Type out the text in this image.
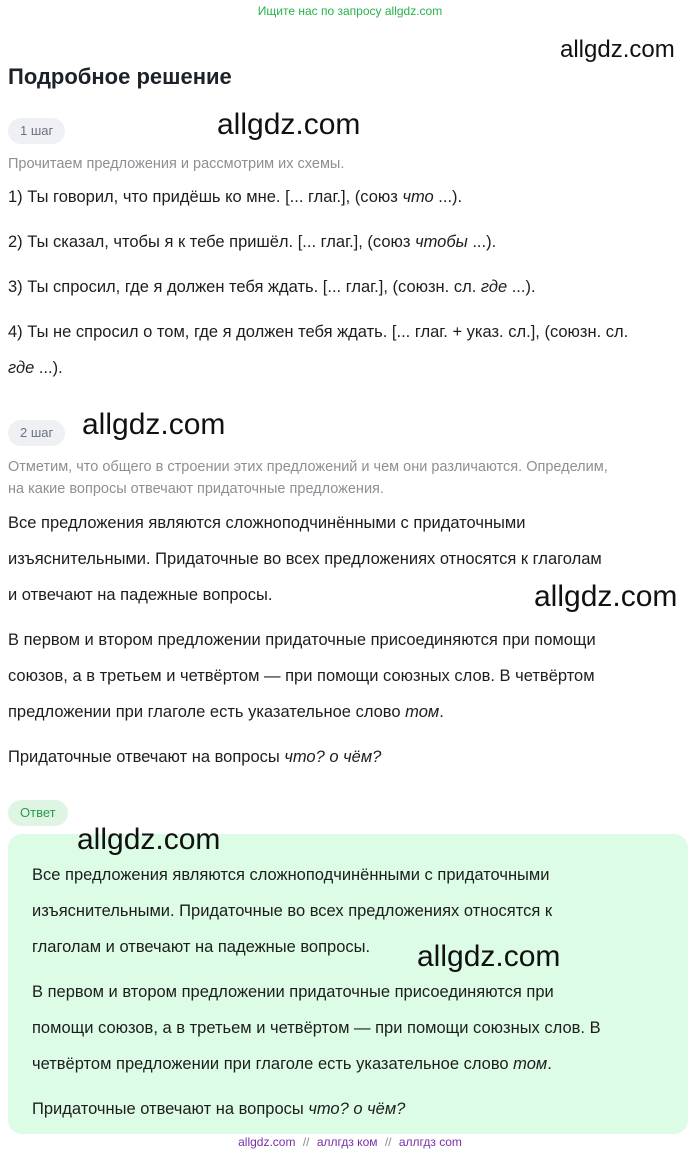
Ищите нас по запросу allgdz.com
Подробное решение
1 шаг
Прочитаем предложения и рассмотрим их схемы.
1) Ты говорил, что придёшь ко мне. [... глаг.], (союз что ...).
2) Ты сказал, чтобы я к тебе пришёл. [... глаг.], (союз чтобы ...).
3) Ты спросил, где я должен тебя ждать. [... глаг.], (союзн. сл. где ...).
4) Ты не спросил о том, где я должен тебя ждать. [... глаг. + указ. сл.], (союзн. сл.
где ...).
2 шаг
Отметим, что общего в строении этих предложений и чем они различаются. Определим,
на какие вопросы отвечают придаточные предложения.
Все предложения являются сложноподчинёнными с придаточными
изъяснительными. Придаточные во всех предложениях относятся к глаголам
и отвечают на падежные вопросы.
В первом и втором предложении придаточные присоединяются при помощи
союзов, а в третьем и четвёртом — при помощи союзных слов. В четвёртом
предложении при глаголе есть указательное слово том.
Придаточные отвечают на вопросы что? о чём?
Ответ
Все предложения являются сложноподчинёнными с придаточными
изъяснительными. Придаточные во всех предложениях относятся к
глаголам и отвечают на падежные вопросы.
В первом и втором предложении придаточные присоединяются при
помощи союзов, а в третьем и четвёртом — при помощи союзных слов. В
четвёртом предложении при глаголе есть указательное слово том.
Придаточные отвечают на вопросы что? о чём?
allgdz.com
allgdz.com
allgdz.com
allgdz.com
allgdz.com
allgdz.com
allgdz.com // аллгдз ком // аллгдз com
